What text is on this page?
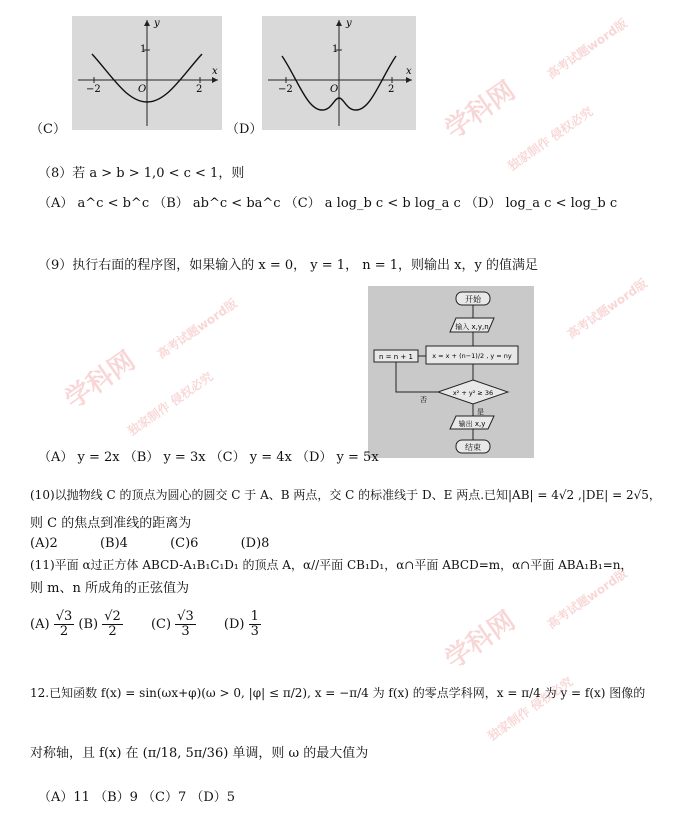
学科网
高考试题word版
独家制作 侵权必究
学科网
高考试题word版
独家制作 侵权必究
学科网
高考试题word版
独家制作 侵权必究
高考试题word版
（C）
y
x
O
1
−2	2
（D）
y
x
O
1
−2	2
（8）若 a > b > 1,0 < c < 1，则
（A） a^c < b^c （B） ab^c < ba^c （C） a log_b c < b log_a c （D） log_a c < log_b c
（9）执行右面的程序图，如果输入的 x = 0， y = 1， n = 1，则输出 x，y 的值满足
开始
输入 x,y,n
x = x + (n−1)/2 , y = ny
n = n + 1
x² + y² ≥ 36
否
是
输出 x,y
结束
（A） y = 2x （B） y = 3x （C） y = 4x （D） y = 5x
(10)以抛物线 C 的顶点为圆心的圆交 C 于 A、B 两点，交 C 的标准线于 D、E 两点.已知|AB| = 4√2 ,|DE| = 2√5，
则 C 的焦点到准线的距离为
(A)2	(B)4	(C)6	(D)8
(11)平面 α过正方体 ABCD-A₁B₁C₁D₁ 的顶点 A，α//平面 CB₁D₁，α∩平面 ABCD=m，α∩平面 ABA₁B₁=n，
则 m、n 所成角的正弦值为
$(A) \frac{√3}{2} (B) \frac{√2}{2} (C) \frac{√3}{3} (D) \frac{1}{3}$
12.已知函数 f(x) = sin(ωx+φ)(ω > 0, |φ| ≤ π/2), x = −π/4 为 f(x) 的零点学科网，x = π/4 为 y = f(x) 图像的
对称轴，且 f(x) 在 (π/18, 5π/36) 单调，则 ω 的最大值为
（A）11 （B）9 （C）7 （D）5
